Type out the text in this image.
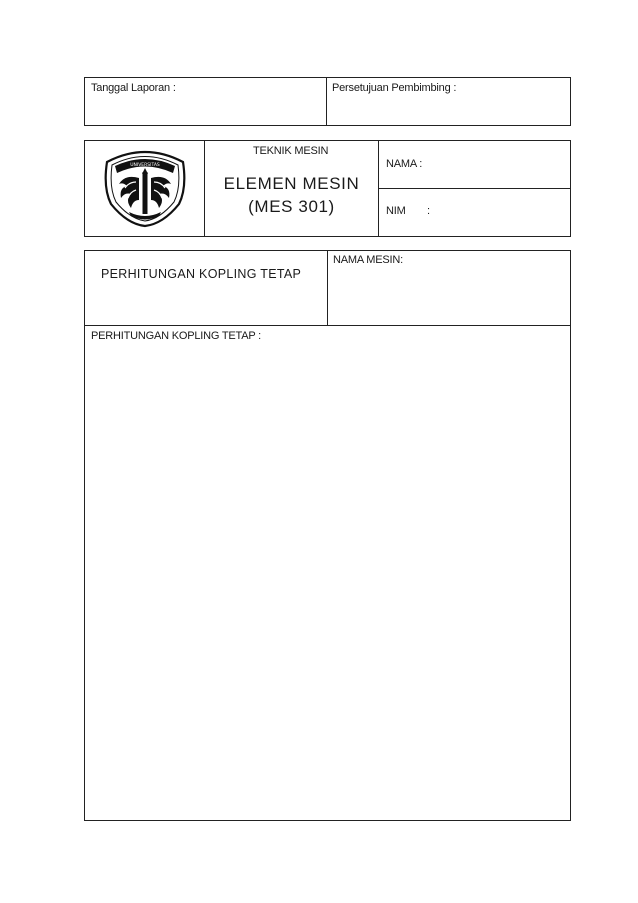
Tanggal Laporan :	Persetujuan Pembimbing :
UNIVERSITAS
TEKNIK MESIN
ELEMEN MESIN
(MES 301)
NAMA :
NIM :
PERHITUNGAN KOPLING TETAP
NAMA MESIN:
PERHITUNGAN KOPLING TETAP :
